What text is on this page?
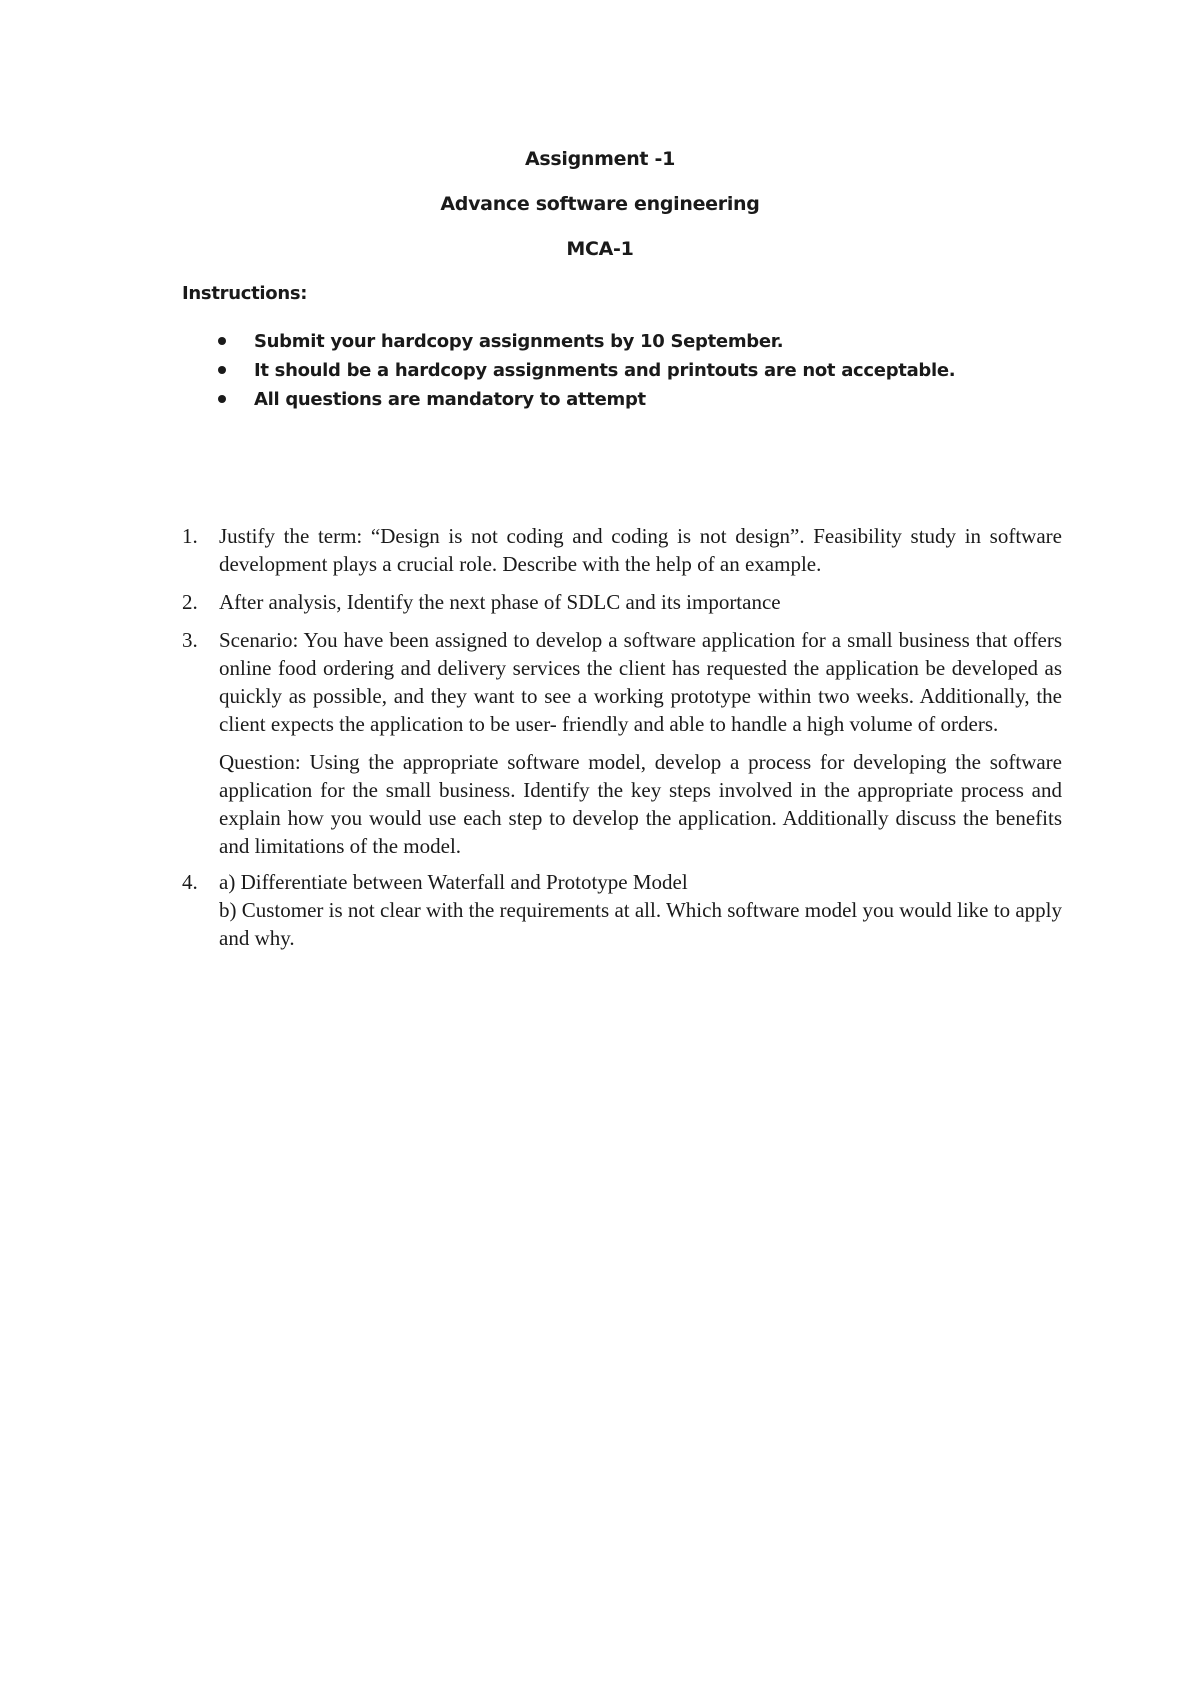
Assignment -1
Advance software engineering
MCA-1
Instructions:
Submit your hardcopy assignments by 10 September.
It should be a hardcopy assignments and printouts are not acceptable.
All questions are mandatory to attempt
1. Justify the term: “Design is not coding and coding is not design”. Feasibility study in software development plays a crucial role. Describe with the help of an example.

2. After analysis, Identify the next phase of SDLC and its importance

3. Scenario: You have been assigned to develop a software application for a small business that offers online food ordering and delivery services the client has requested the application be developed as quickly as possible, and they want to see a working prototype within two weeks. Additionally, the client expects the application to be user- friendly and able to handle a high volume of orders.

Question: Using the appropriate software model, develop a process for developing the software application for the small business. Identify the key steps involved in the appropriate process and explain how you would use each step to develop the application. Additionally discuss the benefits and limitations of the model.

4. a) Differentiate between Waterfall and Prototype Model

b) Customer is not clear with the requirements at all. Which software model you would like to apply and why.
